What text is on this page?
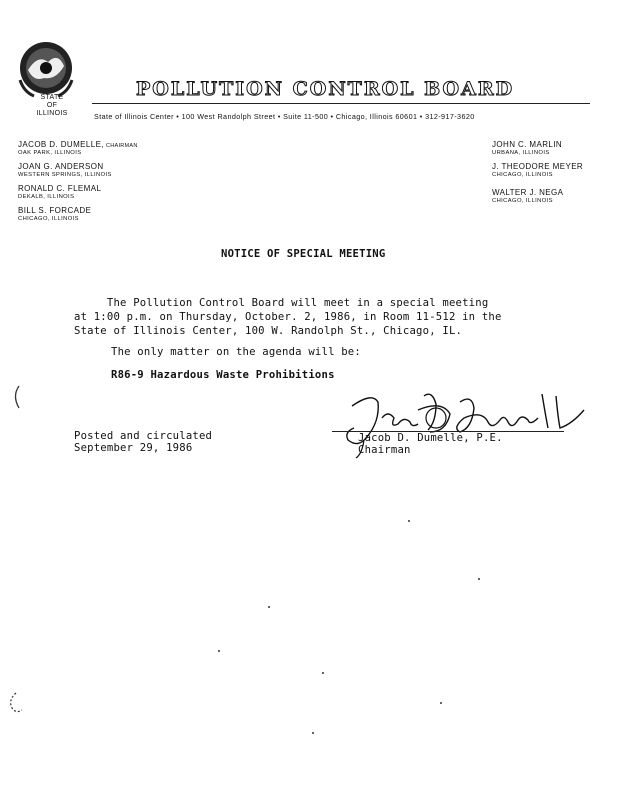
STATE
OF
ILLINOIS
POLLUTION CONTROL BOARD
State of Illinois Center • 100 West Randolph Street • Suite 11-500 • Chicago, Illinois 60601 • 312-917-3620
JACOB D. DUMELLE, CHAIRMAN
OAK PARK, ILLINOIS
JOAN G. ANDERSON
WESTERN SPRINGS, ILLINOIS
RONALD C. FLEMAL
DEKALB, ILLINOIS
BILL S. FORCADE
CHICAGO, ILLINOIS
JOHN C. MARLIN
URBANA, ILLINOIS
J. THEODORE MEYER
CHICAGO, ILLINOIS
WALTER J. NEGA
CHICAGO, ILLINOIS
NOTICE OF SPECIAL MEETING
The Pollution Control Board will meet in a special meeting
at 1:00 p.m. on Thursday, October. 2, 1986, in Room 11-512 in the
State of Illinois Center, 100 W. Randolph St., Chicago, IL.
The only matter on the agenda will be:
R86-9 Hazardous Waste Prohibitions
Posted and circulated
September 29, 1986
Jacob D. Dumelle, P.E.
Chairman
